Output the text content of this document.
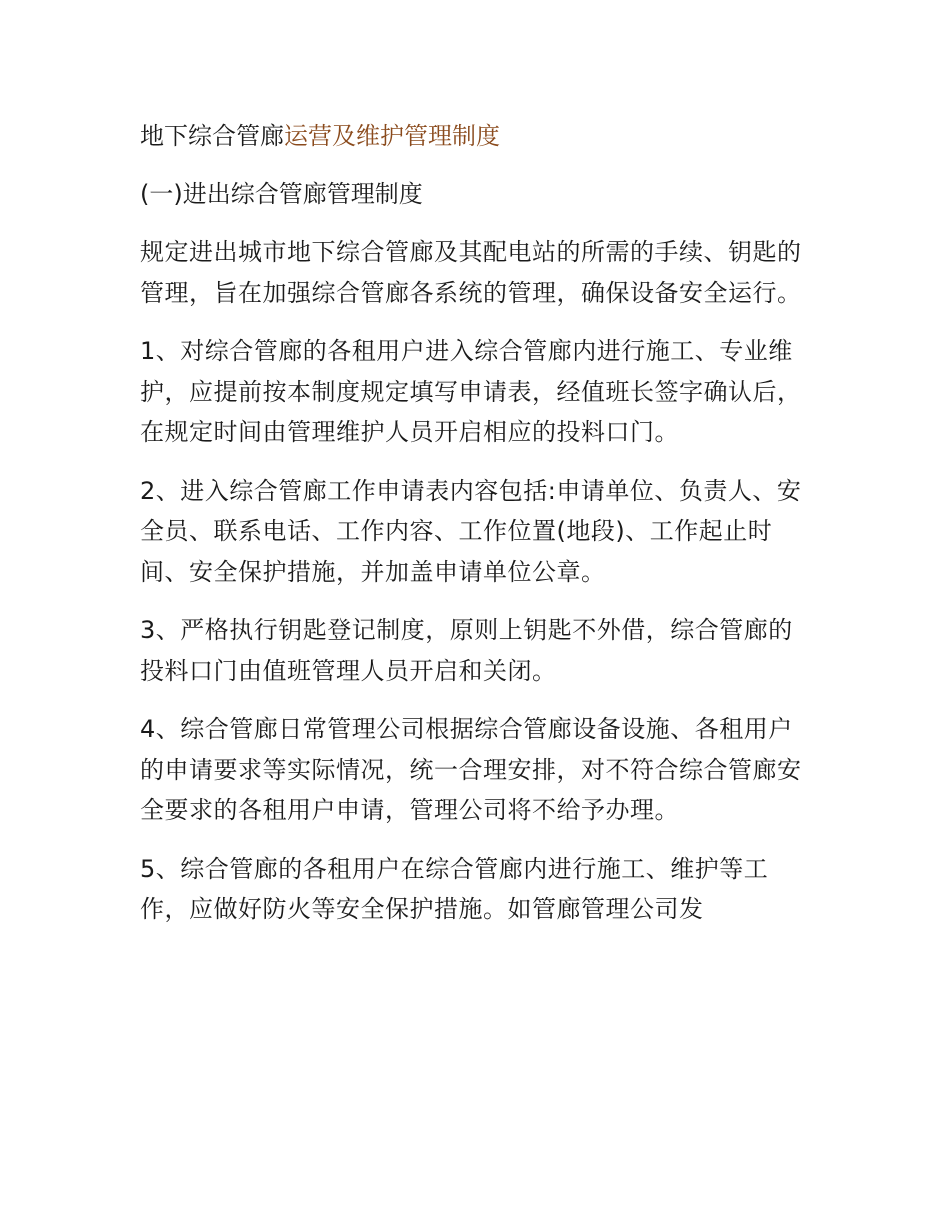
地下综合管廊运营及维护管理制度
(一)进出综合管廊管理制度
规定进出城市地下综合管廊及其配电站的所需的手续、钥匙的管理，旨在加强综合管廊各系统的管理，确保设备安全运行。
1、对综合管廊的各租用户进入综合管廊内进行施工、专业维护，应提前按本制度规定填写申请表，经值班长签字确认后，在规定时间由管理维护人员开启相应的投料口门。
2、进入综合管廊工作申请表内容包括:申请单位、负责人、安全员、联系电话、工作内容、工作位置(地段)、工作起止时间、安全保护措施，并加盖申请单位公章。
3、严格执行钥匙登记制度，原则上钥匙不外借，综合管廊的投料口门由值班管理人员开启和关闭。
4、综合管廊日常管理公司根据综合管廊设备设施、各租用户的申请要求等实际情况，统一合理安排，对不符合综合管廊安全要求的各租用户申请，管理公司将不给予办理。
5、综合管廊的各租用户在综合管廊内进行施工、维护等工作，应做好防火等安全保护措施。如管廊管理公司发
